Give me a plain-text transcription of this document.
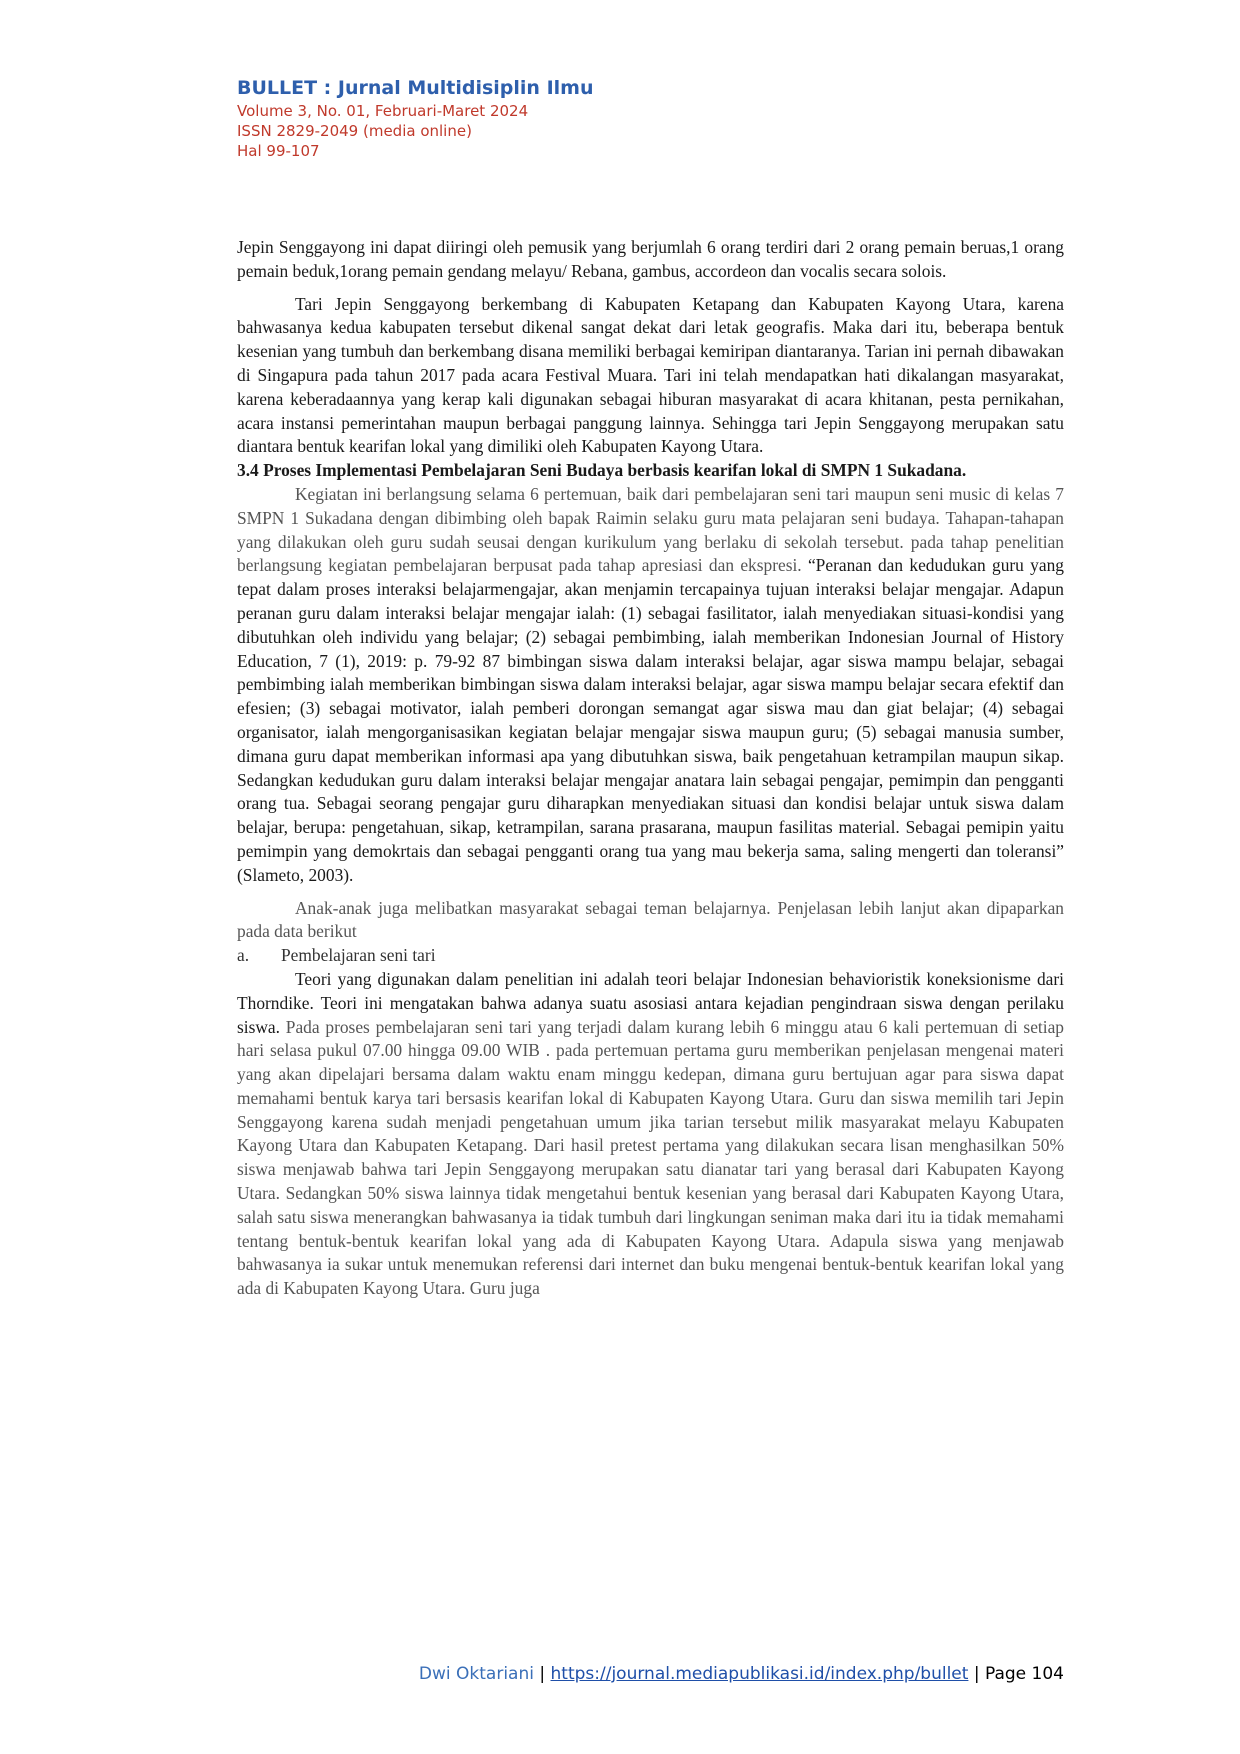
BULLET : Jurnal Multidisiplin Ilmu
Volume 3, No. 01, Februari-Maret 2024
ISSN 2829-2049 (media online)
Hal 99-107

Jepin Senggayong ini dapat diiringi oleh pemusik yang berjumlah 6 orang terdiri dari 2 orang pemain beruas,1 orang pemain beduk,1orang pemain gendang melayu/ Rebana, gambus, accordeon dan vocalis secara solois.

Tari Jepin Senggayong berkembang di Kabupaten Ketapang dan Kabupaten Kayong Utara, karena bahwasanya kedua kabupaten tersebut dikenal sangat dekat dari letak geografis. Maka dari itu, beberapa bentuk kesenian yang tumbuh dan berkembang disana memiliki berbagai kemiripan diantaranya. Tarian ini pernah dibawakan di Singapura pada tahun 2017 pada acara Festival Muara. Tari ini telah mendapatkan hati dikalangan masyarakat, karena keberadaannya yang kerap kali digunakan sebagai hiburan masyarakat di acara khitanan, pesta pernikahan, acara instansi pemerintahan maupun berbagai panggung lainnya. Sehingga tari Jepin Senggayong merupakan satu diantara bentuk kearifan lokal yang dimiliki oleh Kabupaten Kayong Utara.

3.4 Proses Implementasi Pembelajaran Seni Budaya berbasis kearifan lokal di SMPN 1 Sukadana.

Kegiatan ini berlangsung selama 6 pertemuan, baik dari pembelajaran seni tari maupun seni music di kelas 7 SMPN 1 Sukadana dengan dibimbing oleh bapak Raimin selaku guru mata pelajaran seni budaya. Tahapan-tahapan yang dilakukan oleh guru sudah seusai dengan kurikulum yang berlaku di sekolah tersebut. pada tahap penelitian berlangsung kegiatan pembelajaran berpusat pada tahap apresiasi dan ekspresi. “Peranan dan kedudukan guru yang tepat dalam proses interaksi belajarmengajar, akan menjamin tercapainya tujuan interaksi belajar mengajar. Adapun peranan guru dalam interaksi belajar mengajar ialah: (1) sebagai fasilitator, ialah menyediakan situasi-kondisi yang dibutuhkan oleh individu yang belajar; (2) sebagai pembimbing, ialah memberikan Indonesian Journal of History Education, 7 (1), 2019: p. 79-92 87 bimbingan siswa dalam interaksi belajar, agar siswa mampu belajar, sebagai pembimbing ialah memberikan bimbingan siswa dalam interaksi belajar, agar siswa mampu belajar secara efektif dan efesien; (3) sebagai motivator, ialah pemberi dorongan semangat agar siswa mau dan giat belajar; (4) sebagai organisator, ialah mengorganisasikan kegiatan belajar mengajar siswa maupun guru; (5) sebagai manusia sumber, dimana guru dapat memberikan informasi apa yang dibutuhkan siswa, baik pengetahuan ketrampilan maupun sikap. Sedangkan kedudukan guru dalam interaksi belajar mengajar anatara lain sebagai pengajar, pemimpin dan pengganti orang tua. Sebagai seorang pengajar guru diharapkan menyediakan situasi dan kondisi belajar untuk siswa dalam belajar, berupa: pengetahuan, sikap, ketrampilan, sarana prasarana, maupun fasilitas material. Sebagai pemipin yaitu pemimpin yang demokrtais dan sebagai pengganti orang tua yang mau bekerja sama, saling mengerti dan toleransi” (Slameto, 2003).

Anak-anak juga melibatkan masyarakat sebagai teman belajarnya. Penjelasan lebih lanjut akan dipaparkan pada data berikut

a. Pembelajaran seni tari

Teori yang digunakan dalam penelitian ini adalah teori belajar Indonesian behavioristik koneksionisme dari Thorndike. Teori ini mengatakan bahwa adanya suatu asosiasi antara kejadian pengindraan siswa dengan perilaku siswa. Pada proses pembelajaran seni tari yang terjadi dalam kurang lebih 6 minggu atau 6 kali pertemuan di setiap hari selasa pukul 07.00 hingga 09.00 WIB . pada pertemuan pertama guru memberikan penjelasan mengenai materi yang akan dipelajari bersama dalam waktu enam minggu kedepan, dimana guru bertujuan agar para siswa dapat memahami bentuk karya tari bersasis kearifan lokal di Kabupaten Kayong Utara. Guru dan siswa memilih tari Jepin Senggayong karena sudah menjadi pengetahuan umum jika tarian tersebut milik masyarakat melayu Kabupaten Kayong Utara dan Kabupaten Ketapang. Dari hasil pretest pertama yang dilakukan secara lisan menghasilkan 50% siswa menjawab bahwa tari Jepin Senggayong merupakan satu dianatar tari yang berasal dari Kabupaten Kayong Utara. Sedangkan 50% siswa lainnya tidak mengetahui bentuk kesenian yang berasal dari Kabupaten Kayong Utara, salah satu siswa menerangkan bahwasanya ia tidak tumbuh dari lingkungan seniman maka dari itu ia tidak memahami tentang bentuk-bentuk kearifan lokal yang ada di Kabupaten Kayong Utara. Adapula siswa yang menjawab bahwasanya ia sukar untuk menemukan referensi dari internet dan buku mengenai bentuk-bentuk kearifan lokal yang ada di Kabupaten Kayong Utara. Guru juga

Dwi Oktariani | https://journal.mediapublikasi.id/index.php/bullet | Page 104
